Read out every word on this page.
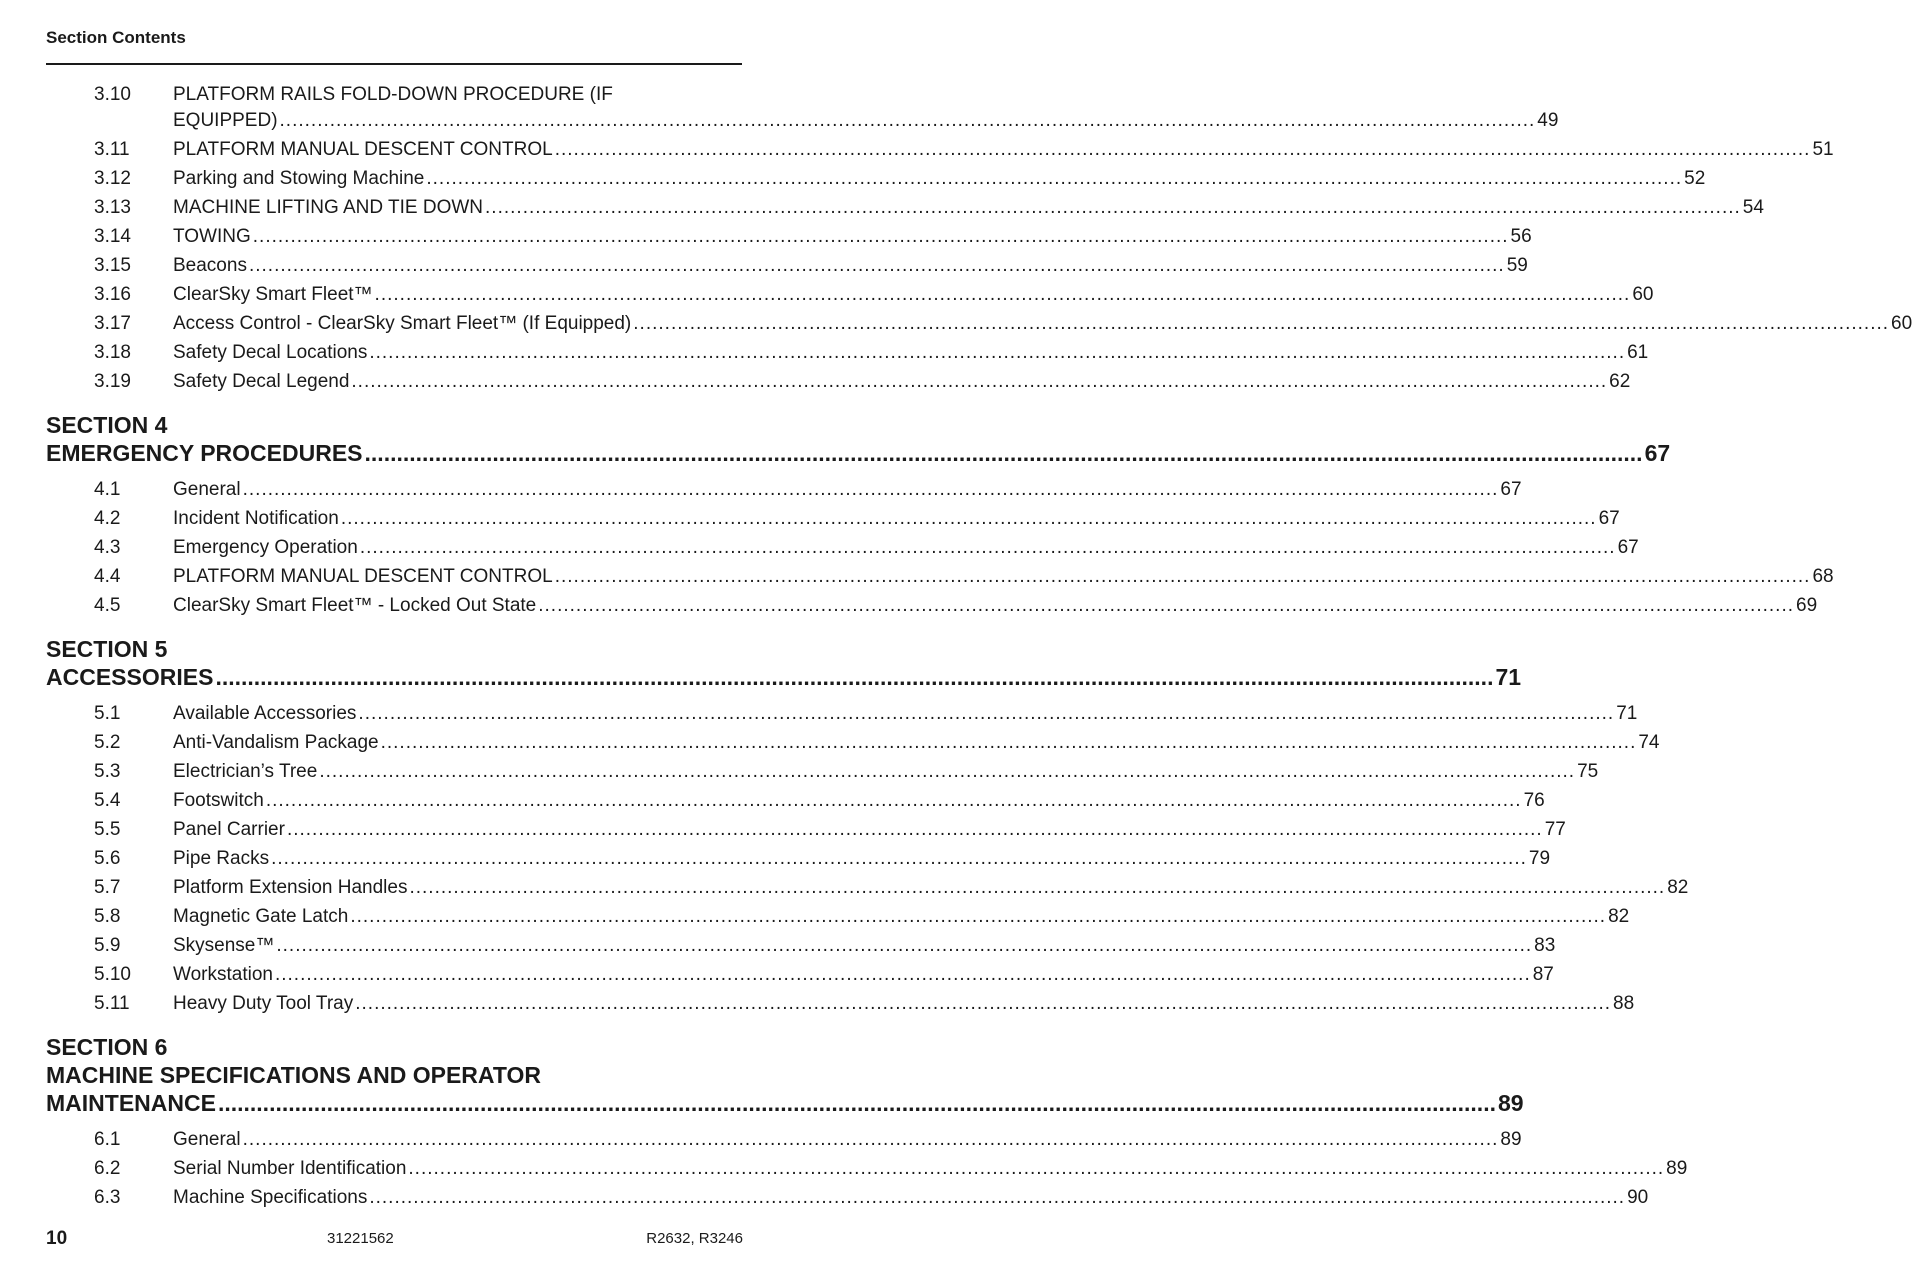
Section Contents
3.10	PLATFORM RAILS FOLD-DOWN PROCEDURE (IF
EQUIPPED) .....	49
3.11	PLATFORM MANUAL DESCENT CONTROL .....	51
3.12	Parking and Stowing Machine .....	52
3.13	MACHINE LIFTING AND TIE DOWN .....	54
3.14	TOWING .....	56
3.15	Beacons .....	59
3.16	ClearSky Smart Fleet™ .....	60
3.17	Access Control - ClearSky Smart Fleet™ (If Equipped) .....	60
3.18	Safety Decal Locations .....	61
3.19	Safety Decal Legend .....	62
SECTION 4
EMERGENCY PROCEDURES .....	67
4.1	General .....	67
4.2	Incident Notification .....	67
4.3	Emergency Operation .....	67
4.4	PLATFORM MANUAL DESCENT CONTROL .....	68
4.5	ClearSky Smart Fleet™ - Locked Out State .....	69
SECTION 5
ACCESSORIES .....	71
5.1	Available Accessories .....	71
5.2	Anti-Vandalism Package .....	74
5.3	Electrician’s Tree .....	75
5.4	Footswitch .....	76
5.5	Panel Carrier .....	77
5.6	Pipe Racks .....	79
5.7	Platform Extension Handles .....	82
5.8	Magnetic Gate Latch .....	82
5.9	Skysense™ .....	83
5.10	Workstation .....	87
5.11	Heavy Duty Tool Tray .....	88
SECTION 6
MACHINE SPECIFICATIONS AND OPERATOR
MAINTENANCE .....	89
6.1	General .....	89
6.2	Serial Number Identification .....	89
6.3	Machine Specifications .....	90
10	31221562	R2632, R3246
